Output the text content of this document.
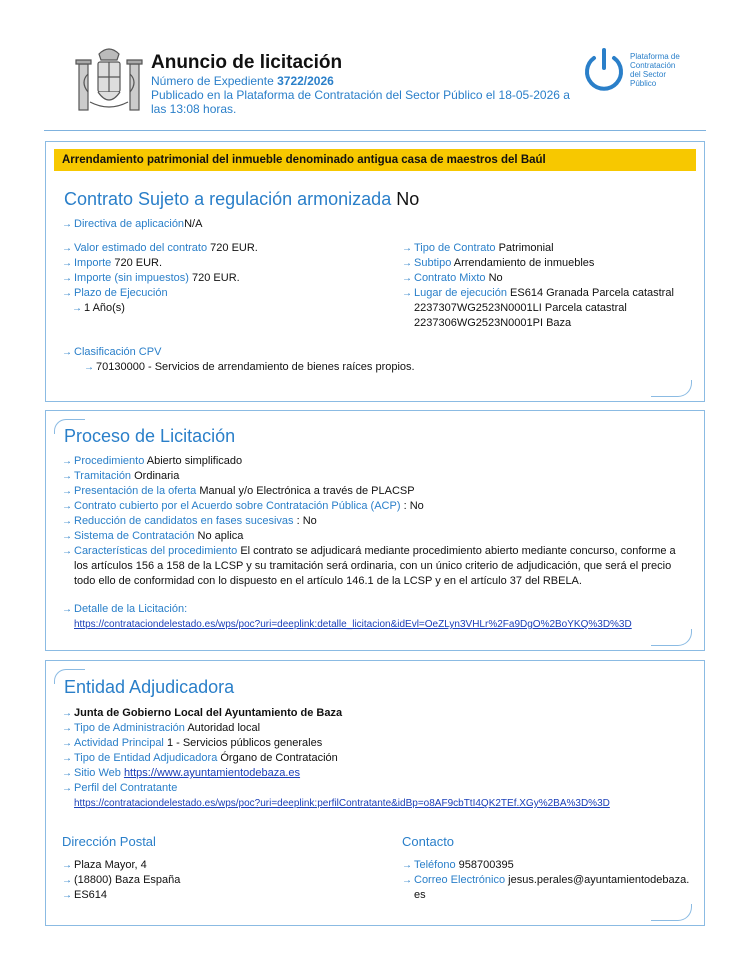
Anuncio de licitación
Número de Expediente 3722/2026
Publicado en la Plataforma de Contratación del Sector Público el 18-05-2026 a
las 13:08 horas.
Plataforma de
Contratación
del Sector
Público
Arrendamiento patrimonial del inmueble denominado antigua casa de maestros del Baúl
Contrato Sujeto a regulación armonizada No
→ Directiva de aplicaciónN/A
→ Valor estimado del contrato 720 EUR.
→ Importe 720 EUR.
→ Importe (sin impuestos) 720 EUR.
→ Plazo de Ejecución
→ 1 Año(s)
→ Tipo de Contrato Patrimonial
→ Subtipo Arrendamiento de inmuebles
→ Contrato Mixto No
→ Lugar de ejecución ES614 Granada Parcela catastral
2237307WG2523N0001LI Parcela catastral
2237306WG2523N0001PI Baza
→ Clasificación CPV
→ 70130000 - Servicios de arrendamiento de bienes raíces propios.
Proceso de Licitación
→ Procedimiento Abierto simplificado
→ Tramitación Ordinaria
→ Presentación de la oferta Manual y/o Electrónica a través de PLACSP
→ Contrato cubierto por el Acuerdo sobre Contratación Pública (ACP) : No
→ Reducción de candidatos en fases sucesivas : No
→ Sistema de Contratación No aplica
→ Características del procedimiento El contrato se adjudicará mediante procedimiento abierto mediante concurso, conforme a
los artículos 156 a 158 de la LCSP y su tramitación será ordinaria, con un único criterio de adjudicación, que será el precio
todo ello de conformidad con lo dispuesto en el artículo 146.1 de la LCSP y en el artículo 37 del RBELA.
→ Detalle de la Licitación:
https://contrataciondelestado.es/wps/poc?uri=deeplink:detalle_licitacion&idEvl=OeZLyn3VHLr%2Fa9DgO%2BoYKQ%3D%3D
Entidad Adjudicadora
→ Junta de Gobierno Local del Ayuntamiento de Baza
→ Tipo de Administración Autoridad local
→ Actividad Principal 1 - Servicios públicos generales
→ Tipo de Entidad Adjudicadora Órgano de Contratación
→ Sitio Web https://www.ayuntamientodebaza.es
→ Perfil del Contratante
https://contrataciondelestado.es/wps/poc?uri=deeplink:perfilContratante&idBp=o8AF9cbTtI4QK2TEf.XGy%2BA%3D%3D
Dirección Postal
→ Plaza Mayor, 4
→ (18800) Baza España
→ ES614
Contacto
→ Teléfono 958700395
→ Correo Electrónico jesus.perales@ayuntamientodebaza.
es
